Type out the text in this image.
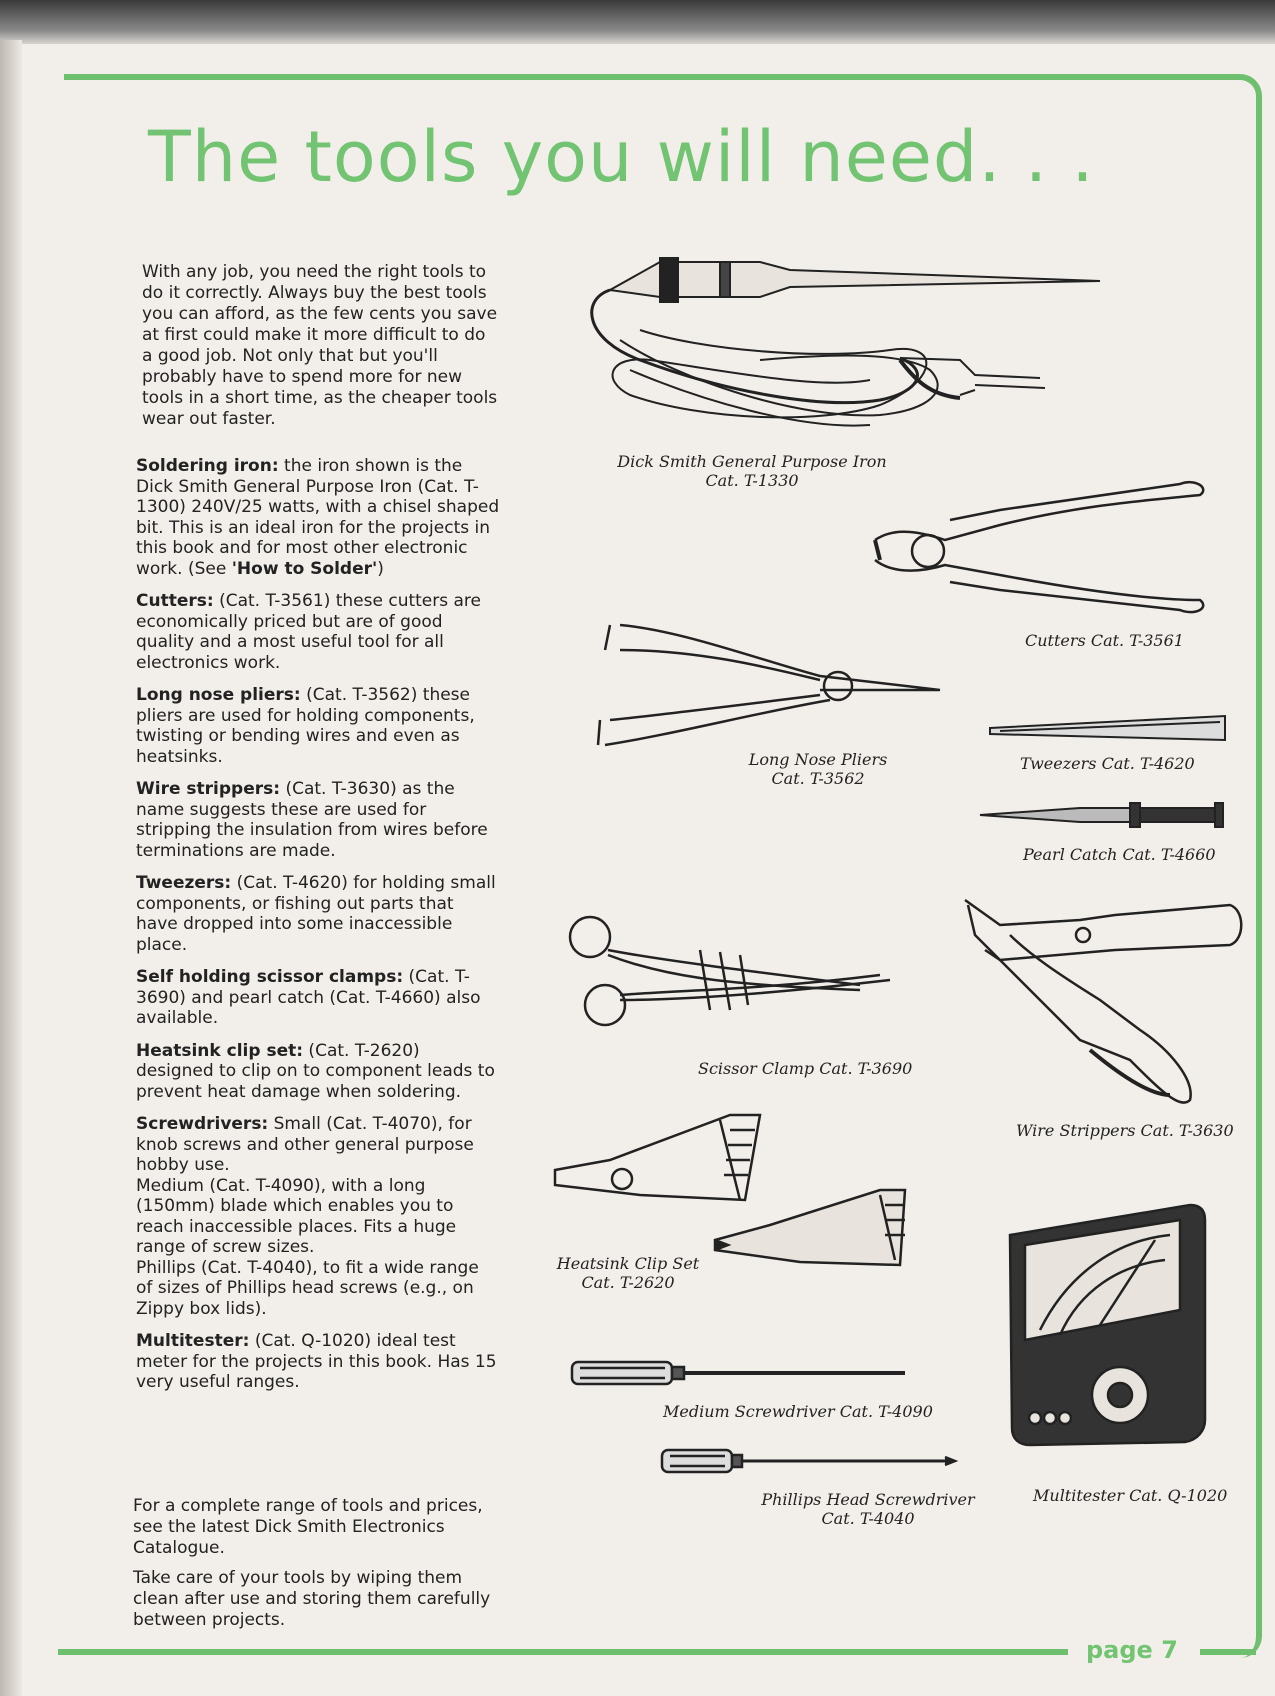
The tools you will need. . .
With any job, you need the right tools to do it correctly. Always buy the best tools you can afford, as the few cents you save at first could make it more difficult to do a good job. Not only that but you'll probably have to spend more for new tools in a short time, as the cheaper tools wear out faster.
Soldering iron: the iron shown is the Dick Smith General Purpose Iron (Cat. T-1300) 240V/25 watts, with a chisel shaped bit. This is an ideal iron for the projects in this book and for most other electronic work. (See 'How to Solder')
Cutters: (Cat. T-3561) these cutters are economically priced but are of good quality and a most useful tool for all electronics work.
Long nose pliers: (Cat. T-3562) these pliers are used for holding components, twisting or bending wires and even as heatsinks.
Wire strippers: (Cat. T-3630) as the name suggests these are used for stripping the insulation from wires before terminations are made.
Tweezers: (Cat. T-4620) for holding small components, or fishing out parts that have dropped into some inaccessible place.
Self holding scissor clamps: (Cat. T-3690) and pearl catch (Cat. T-4660) also available.
Heatsink clip set: (Cat. T-2620) designed to clip on to component leads to prevent heat damage when soldering.
Screwdrivers: Small (Cat. T-4070), for knob screws and other general purpose hobby use.
Medium (Cat. T-4090), with a long (150mm) blade which enables you to reach inaccessible places. Fits a huge range of screw sizes.
Phillips (Cat. T-4040), to fit a wide range of sizes of Phillips head screws (e.g., on Zippy box lids).
Multitester: (Cat. Q-1020) ideal test meter for the projects in this book. Has 15 very useful ranges.

For a complete range of tools and prices, see the latest Dick Smith Electronics Catalogue.

Take care of your tools by wiping them clean after use and storing them carefully between projects.

Dick Smith General Purpose Iron
Cat. T-1330
Cutters Cat. T-3561
Long Nose Pliers
Cat. T-3562
Tweezers Cat. T-4620
Pearl Catch Cat. T-4660
Scissor Clamp Cat. T-3690
Wire Strippers Cat. T-3630
Heatsink Clip Set
Cat. T-2620
Medium Screwdriver Cat. T-4090
Phillips Head Screwdriver
Cat. T-4040
Multitester Cat. Q-1020
page 7
